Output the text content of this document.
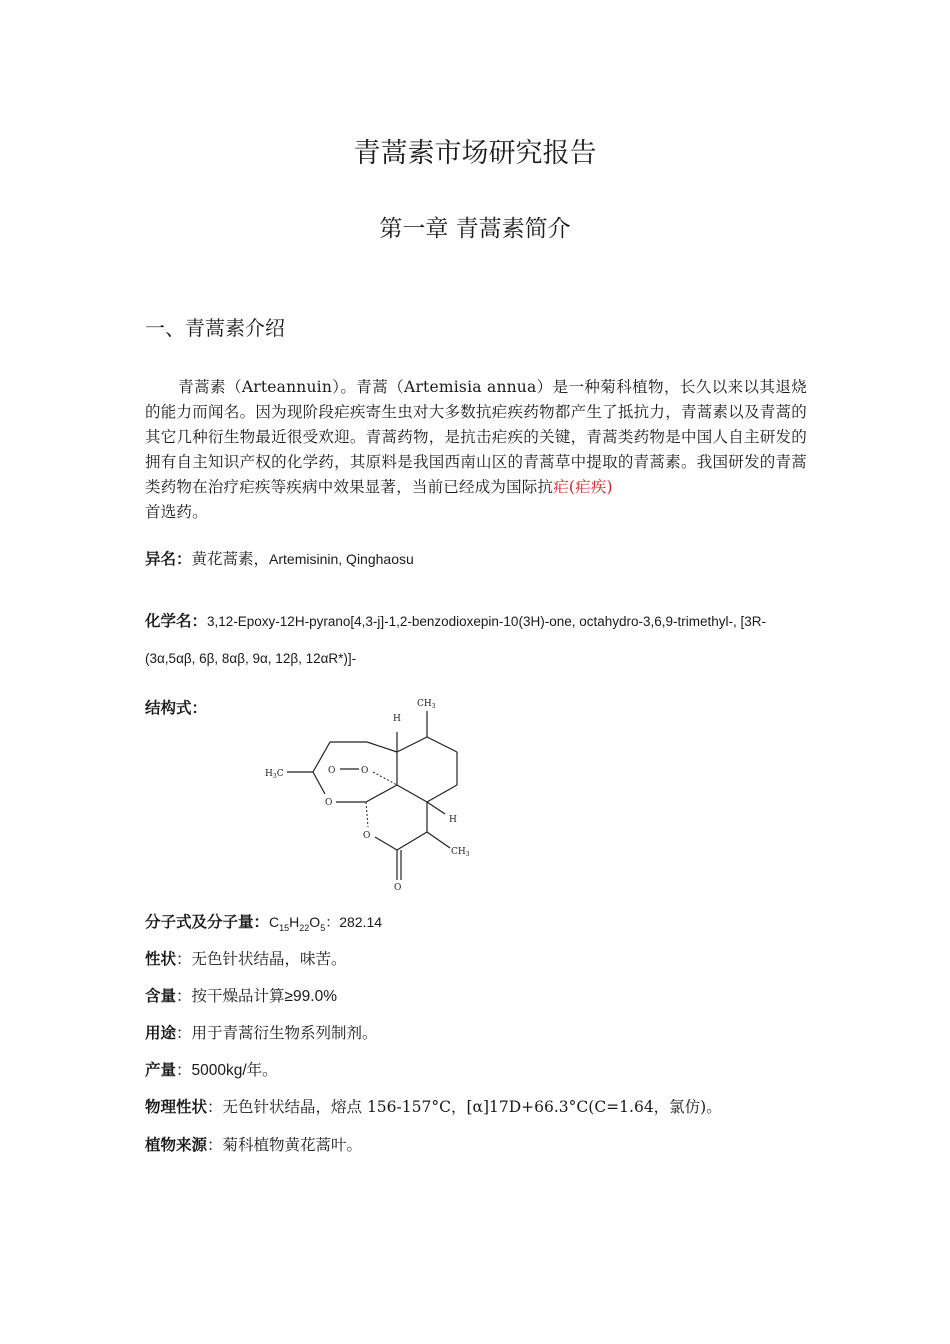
青蒿素市场研究报告
第一章 青蒿素简介
一、青蒿素介绍
青蒿素（Arteannuin）。青蒿（Artemisia annua）是一种菊科植物，长久以来以其退烧的能力而闻名。因为现阶段疟疾寄生虫对大多数抗疟疾药物都产生了抵抗力，青蒿素以及青蒿的其它几种衍生物最近很受欢迎。青蒿药物，是抗击疟疾的关键，青蒿类药物是中国人自主研发的拥有自主知识产权的化学药，其原料是我国西南山区的青蒿草中提取的青蒿素。我国研发的青蒿类药物在治疗疟疾等疾病中效果显著，当前已经成为国际抗疟(疟疾)
首选药。
异名：黄花蒿素，Artemisinin, Qinghaosu
化学名：3,12-Epoxy-12H-pyrano[4,3-j]-1,2-benzodioxepin-10(3H)-one, octahydro-3,6,9-trimethyl-, [3R-(3α,5αβ, 6β, 8αβ, 9α, 12β, 12αR*)]-
结构式：	$CH_3$
H
$H_3C$	O	O
O
H
O
$CH_3$
O
分子式及分子量：$C_{15}H_{22}O_5$：282.14
性状：无色针状结晶，味苦。
含量：按干燥品计算≥99.0%
用途：用于青蒿衍生物系列制剂。
产量：5000kg/年。
物理性状：无色针状结晶，熔点 156-157°C，[α]17D+66.3°C(C=1.64，氯仿)。
植物来源：菊科植物黄花蒿叶。
